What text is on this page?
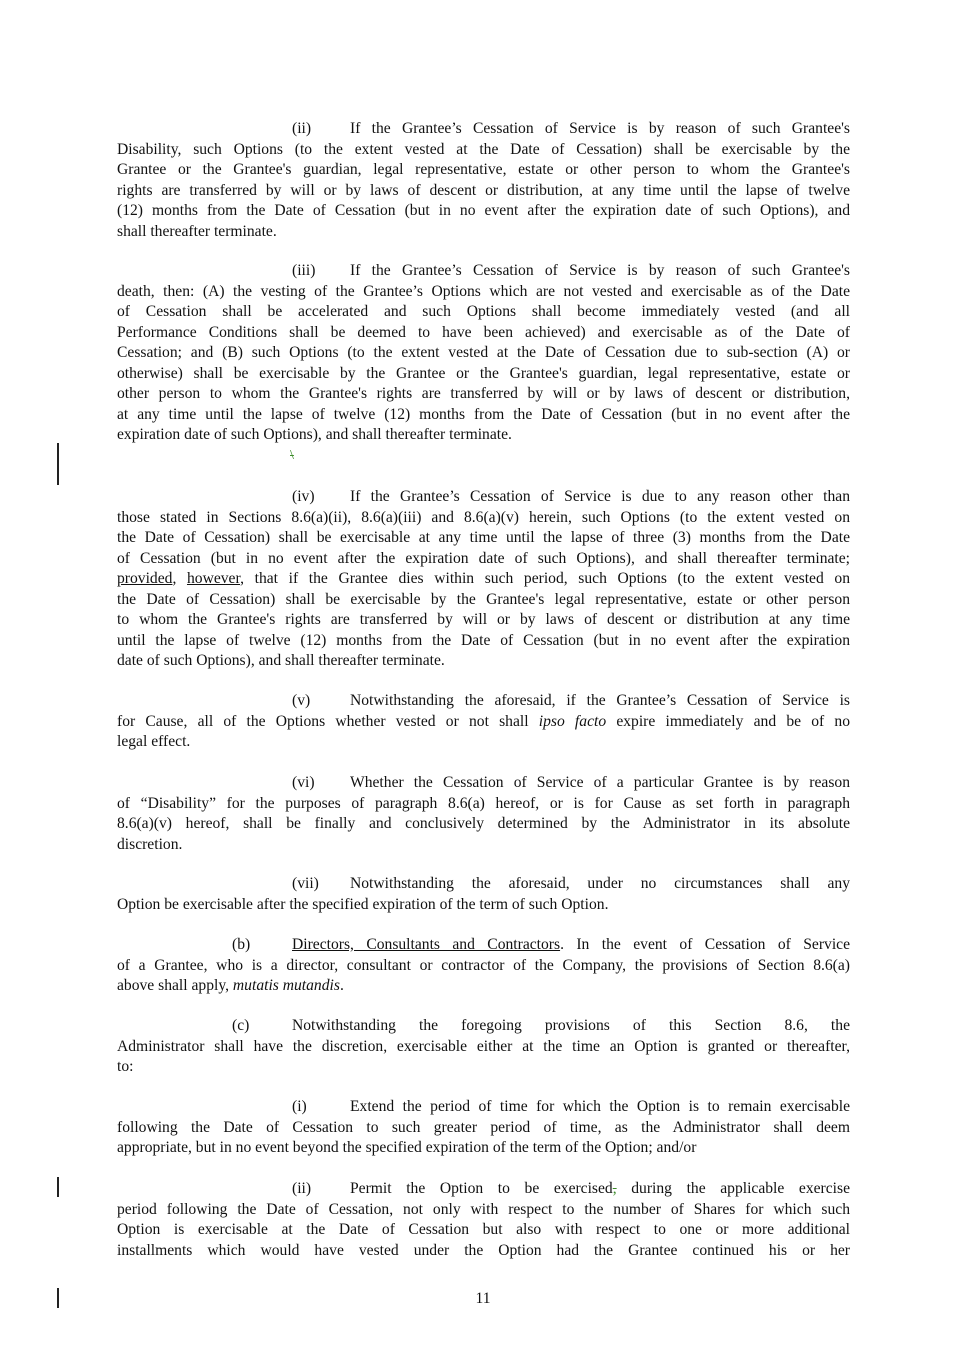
(ii) If the Grantee’s Cessation of Service is by reason of such Grantee's
Disability, such Options (to the extent vested at the Date of Cessation) shall be exercisable by the
Grantee or the Grantee's guardian, legal representative, estate or other person to whom the Grantee's
rights are transferred by will or by laws of descent or distribution, at any time until the lapse of twelve
(12) months from the Date of Cessation (but in no event after the expiration date of such Options), and
shall thereafter terminate.
(iii) If the Grantee’s Cessation of Service is by reason of such Grantee's
death, then: (A) the vesting of the Grantee’s Options which are not vested and exercisable as of the Date
of Cessation shall be accelerated and such Options shall become immediately vested (and all
Performance Conditions shall be deemed to have been achieved) and exercisable as of the Date of
Cessation; and (B) such Options (to the extent vested at the Date of Cessation due to sub-section (A) or
otherwise) shall be exercisable by the Grantee or the Grantee's guardian, legal representative, estate or
other person to whom the Grantee's rights are transferred by will or by laws of descent or distribution,
at any time until the lapse of twelve (12) months from the Date of Cessation (but in no event after the
expiration date of such Options), and shall thereafter terminate.
\
(iv) If the Grantee’s Cessation of Service is due to any reason other than
those stated in Sections 8.6(a)(ii), 8.6(a)(iii) and 8.6(a)(v) herein, such Options (to the extent vested on
the Date of Cessation) shall be exercisable at any time until the lapse of three (3) months from the Date
of Cessation (but in no event after the expiration date of such Options), and shall thereafter terminate;
provided, however, that if the Grantee dies within such period, such Options (to the extent vested on
the Date of Cessation) shall be exercisable by the Grantee's legal representative, estate or other person
to whom the Grantee's rights are transferred by will or by laws of descent or distribution at any time
until the lapse of twelve (12) months from the Date of Cessation (but in no event after the expiration
date of such Options), and shall thereafter terminate.
(v)	Notwithstanding the aforesaid, if the Grantee’s Cessation of Service is
for Cause, all of the Options whether vested or not shall ipso facto expire immediately and be of no
legal effect.
(vi) Whether the Cessation of Service of a particular Grantee is by reason
of “Disability” for the purposes of paragraph 8.6(a) hereof, or is for Cause as set forth in paragraph
8.6(a)(v) hereof, shall be finally and conclusively determined by the Administrator in its absolute
discretion.
(vii) Notwithstanding the aforesaid, under no circumstances shall any
Option be exercisable after the specified expiration of the term of such Option.
(b)	Directors, Consultants and Contractors. In the event of Cessation of Service
of a Grantee, who is a director, consultant or contractor of the Company, the provisions of Section 8.6(a)
above shall apply, mutatis mutandis.
(c)	Notwithstanding the foregoing provisions of this Section 8.6, the
Administrator shall have the discretion, exercisable either at the time an Option is granted or thereafter,
to:
(i)	Extend the period of time for which the Option is to remain exercisable
following the Date of Cessation to such greater period of time, as the Administrator shall deem
appropriate, but in no event beyond the specified expiration of the term of the Option; and/or
(ii) Permit the Option to be exercised, during the applicable exercise
period following the Date of Cessation, not only with respect to the number of Shares for which such
Option is exercisable at the Date of Cessation but also with respect to one or more additional
installments which would have vested under the Option had the Grantee continued his or her
11
